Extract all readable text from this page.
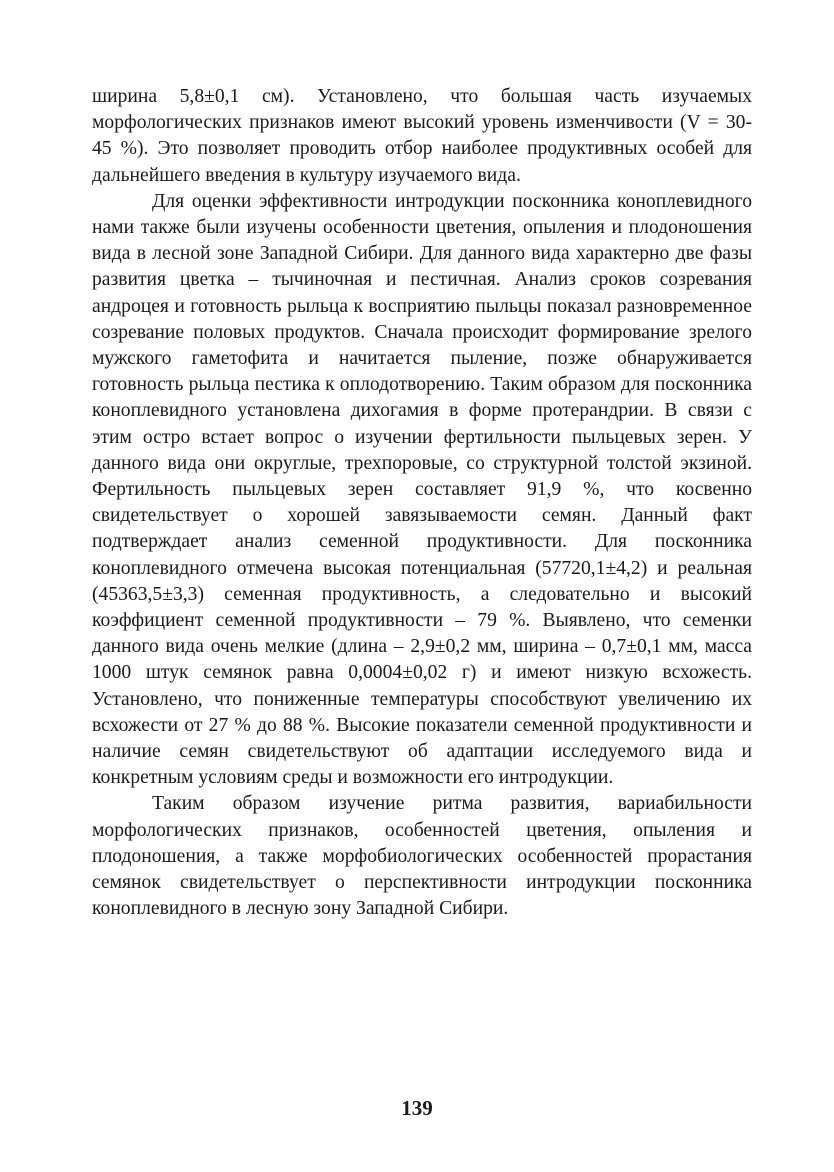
ширина 5,8±0,1 см). Установлено, что большая часть изучаемых морфологических признаков имеют высокий уровень изменчивости (V = 30-45 %). Это позволяет проводить отбор наиболее продуктивных особей для дальнейшего введения в культуру изучаемого вида.

Для оценки эффективности интродукции посконника коноплевидного нами также были изучены особенности цветения, опыления и плодоношения вида в лесной зоне Западной Сибири. Для данного вида характерно две фазы развития цветка – тычиночная и пестичная. Анализ сроков созревания андроцея и готовность рыльца к восприятию пыльцы показал разновременное созревание половых продуктов. Сначала происходит формирование зрелого мужского гаметофита и начитается пыление, позже обнаруживается готовность рыльца пестика к оплодотворению. Таким образом для посконника коноплевидного установлена дихогамия в форме протерандрии. В связи с этим остро встает вопрос о изучении фертильности пыльцевых зерен. У данного вида они округлые, трехпоровые, со структурной толстой экзиной. Фертильность пыльцевых зерен составляет 91,9 %, что косвенно свидетельствует о хорошей завязываемости семян. Данный факт подтверждает анализ семенной продуктивности. Для посконника коноплевидного отмечена высокая потенциальная (57720,1±4,2) и реальная (45363,5±3,3) семенная продуктивность, а следовательно и высокий коэффициент семенной продуктивности – 79 %. Выявлено, что семенки данного вида очень мелкие (длина – 2,9±0,2 мм, ширина – 0,7±0,1 мм, масса 1000 штук семянок равна 0,0004±0,02 г) и имеют низкую всхожесть. Установлено, что пониженные температуры способствуют увеличению их всхожести от 27 % до 88 %. Высокие показатели семенной продуктивности и наличие семян свидетельствуют об адаптации исследуемого вида и конкретным условиям среды и возможности его интродукции.

Таким образом изучение ритма развития, вариабильности морфологических признаков, особенностей цветения, опыления и плодоношения, а также морфобиологических особенностей прорастания семянок свидетельствует о перспективности интродукции посконника коноплевидного в лесную зону Западной Сибири.

139
